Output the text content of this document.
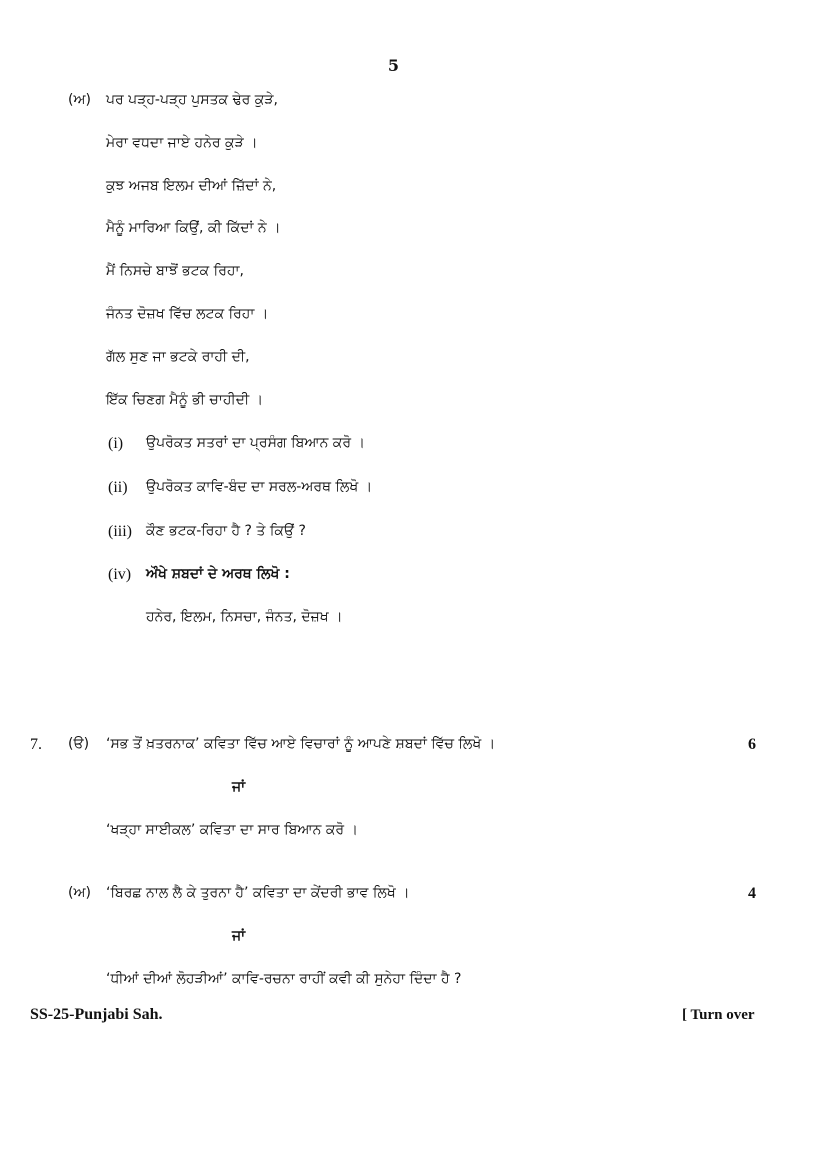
5
(ਅ) ਪਰ ਪੜ੍ਹ-ਪੜ੍ਹ ਪੁਸਤਕ ਢੇਰ ਕੁੜੇ,
ਮੇਰਾ ਵਧਦਾ ਜਾਏ ਹਨੇਰ ਕੁੜੇ ।
ਕੁਝ ਅਜਬ ਇਲਮ ਦੀਆਂ ਜ਼ਿੱਦਾਂ ਨੇ,
ਮੈਨੂੰ ਮਾਰਿਆ ਕਿਉਂ, ਕੀ ਕਿੱਦਾਂ ਨੇ ।
ਮੈਂ ਨਿਸਚੇ ਬਾਝੋਂ ਭਟਕ ਰਿਹਾ,
ਜੰਨਤ ਦੋਜ਼ਖ ਵਿੱਚ ਲਟਕ ਰਿਹਾ ।
ਗੱਲ ਸੁਣ ਜਾ ਭਟਕੇ ਰਾਹੀ ਦੀ,
ਇੱਕ ਚਿਣਗ ਮੈਨੂੰ ਭੀ ਚਾਹੀਦੀ ।
(i) ਉਪਰੋਕਤ ਸਤਰਾਂ ਦਾ ਪ੍ਰਸੰਗ ਬਿਆਨ ਕਰੋ ।
(ii) ਉਪਰੋਕਤ ਕਾਵਿ-ਬੰਦ ਦਾ ਸਰਲ-ਅਰਥ ਲਿਖੋ ।
(iii) ਕੌਣ ਭਟਕ-ਰਿਹਾ ਹੈ ? ਤੇ ਕਿਉਂ ?
(iv) ਔਖੇ ਸ਼ਬਦਾਂ ਦੇ ਅਰਥ ਲਿਖੋ :
ਹਨੇਰ, ਇਲਮ, ਨਿਸਚਾ, ਜੰਨਤ, ਦੋਜ਼ਖ ।
7. (ੳ) ‘ਸਭ ਤੋਂ ਖ਼ਤਰਨਾਕ’ ਕਵਿਤਾ ਵਿੱਚ ਆਏ ਵਿਚਾਰਾਂ ਨੂੰ ਆਪਣੇ ਸ਼ਬਦਾਂ ਵਿੱਚ ਲਿਖੋ ।	6
ਜਾਂ
‘ਖੜ੍ਹਾ ਸਾਈਕਲ’ ਕਵਿਤਾ ਦਾ ਸਾਰ ਬਿਆਨ ਕਰੋ ।
(ਅ) ‘ਬਿਰਛ ਨਾਲ ਲੈ ਕੇ ਤੁਰਨਾ ਹੈ’ ਕਵਿਤਾ ਦਾ ਕੇਂਦਰੀ ਭਾਵ ਲਿਖੋ ।	4
ਜਾਂ
‘ਧੀਆਂ ਦੀਆਂ ਲੋਹੜੀਆਂ’ ਕਾਵਿ-ਰਚਨਾ ਰਾਹੀਂ ਕਵੀ ਕੀ ਸੁਨੇਹਾ ਦਿੰਦਾ ਹੈ ?
SS-25-Punjabi Sah.	[ Turn over
